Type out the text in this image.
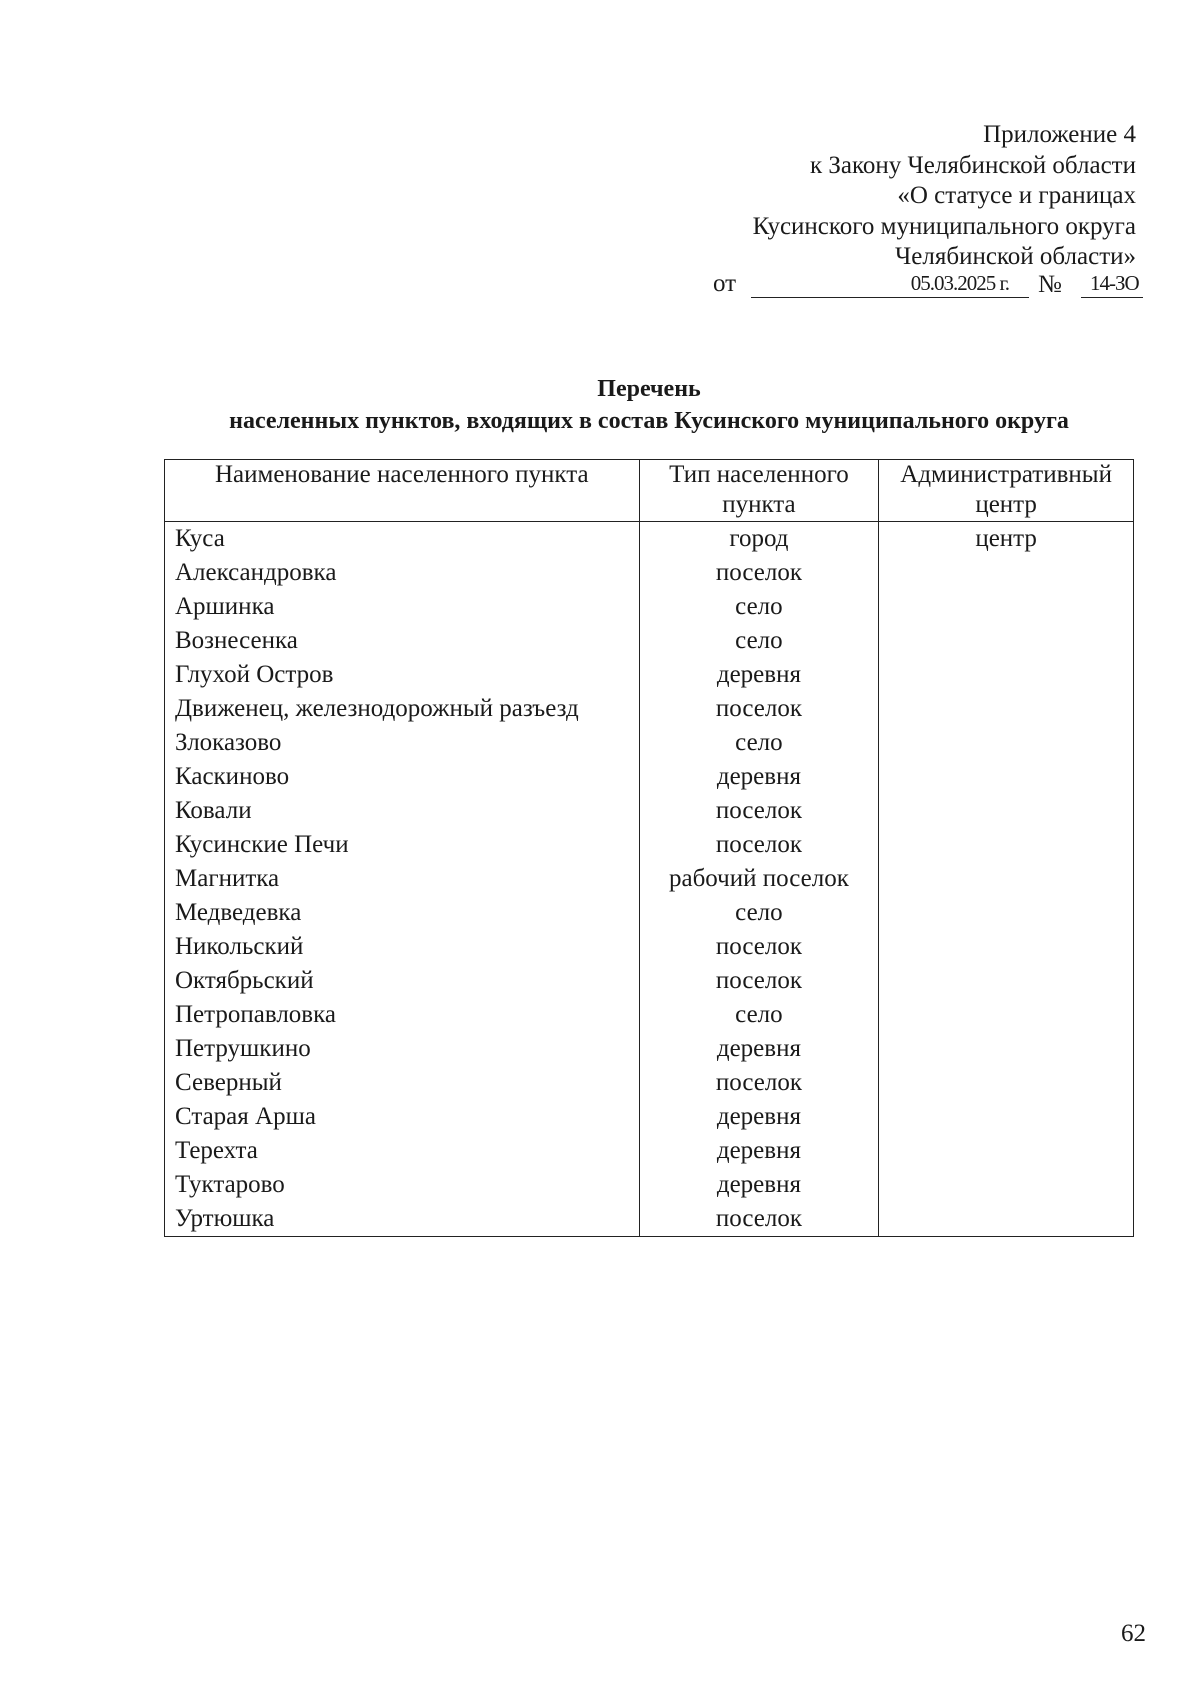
Приложение 4
к Закону Челябинской области
«О статусе и границах
Кусинского муниципального округа
Челябинской области»
от	05.03.2025 г. № 14-ЗО
Перечень
населенных пунктов, входящих в состав Кусинского муниципального округа
Наименование населенного пункта	Тип населенного пункта	Административный центр
Куса	город	центр
Александровка	поселок	
Аршинка	село	
Вознесенка	село	
Глухой Остров	деревня	
Движенец, железнодорожный разъезд	поселок	
Злоказово	село	
Каскиново	деревня	
Ковали	поселок	
Кусинские Печи	поселок	
Магнитка	рабочий поселок	
Медведевка	село	
Никольский	поселок	
Октябрьский	поселок	
Петропавловка	село	
Петрушкино	деревня	
Северный	поселок	
Старая Арша	деревня	
Терехта	деревня	
Туктарово	деревня	
Уртюшка	поселок	
62
